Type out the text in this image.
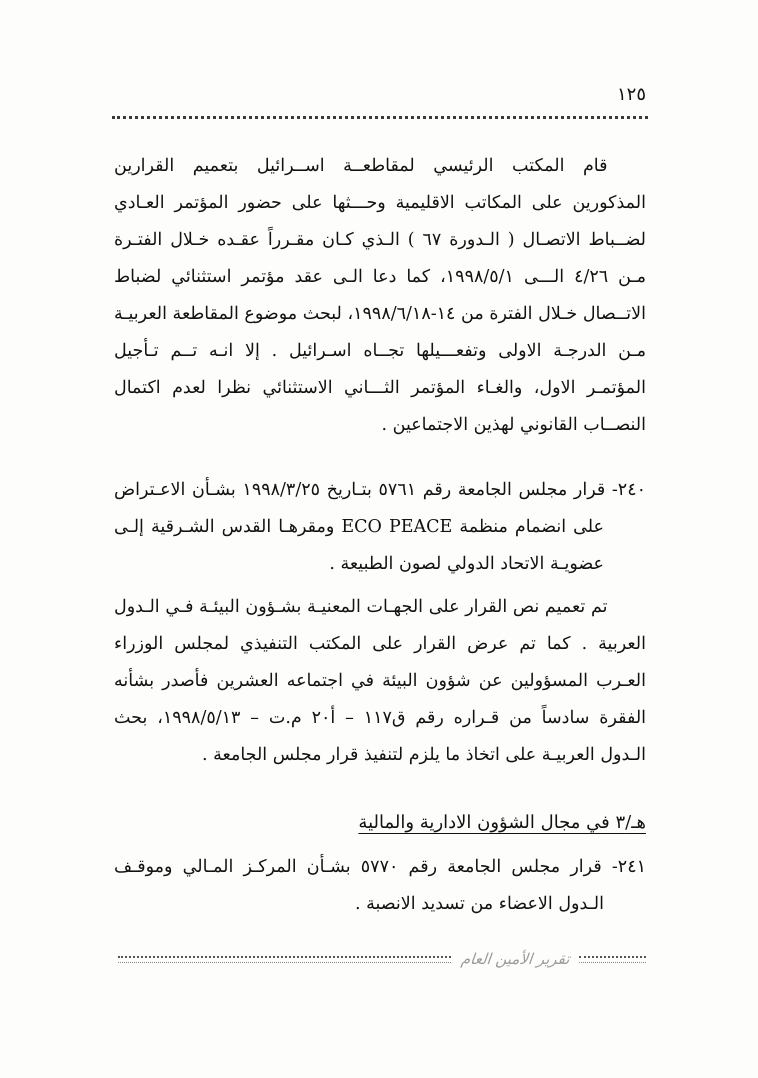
١٢٥

قام المكتب الرئيسي لمقاطعــة اســرائيل بتعميم القرارين المذكورين على المكاتب الاقليمية وحـــثها على حضور المؤتمر العـادي لضــباط الاتصـال ( الـدورة ٦٧ ) الـذي كـان مقـرراً عقـده خـلال الفتـرة مـن ٤/٢٦ الـــى ١٩٩٨/٥/١، كما دعا الـى عقد مؤتمر استثنائي لضباط الاتــصال خـلال الفترة من ١٤-١٩٩٨/٦/١٨، لبحث موضوع المقاطعة العربيـة مـن الدرجـة الاولى وتفعـــيلها تجــاه اسـرائيل . إلا انـه تــم تـأجيل المؤتمـر الاول، والغـاء المؤتمر الثـــاني الاستثنائي نظرا لعدم اكتمال النصــاب القانوني لهذين الاجتماعين .

٢٤٠- قرار مجلس الجامعة رقم ٥٧٦١ بتـاريخ ١٩٩٨/٣/٢٥ بشـأن الاعـتراض على انضمام منظمة ECO PEACE ومقرهـا القدس الشـرقية إلـى عضويـة الاتحاد الدولي لصون الطبيعة .

تم تعميم نص القرار على الجهـات المعنيـة بشـؤون البيئـة فـي الـدول العربية . كما تم عرض القرار على المكتب التنفيذي لمجلس الوزراء العـرب المسؤولين عن شؤون البيئة في اجتماعه العشرين فأصدر بشأنه الفقرة سادساً من قـراره رقم ق١١٧ – أ٢٠ م.ت – ١٩٩٨/٥/١٣، بحث الـدول العربيـة على اتخاذ ما يلزم لتنفيذ قرار مجلس الجامعة .

هـ/٣ في مجال الشؤون الادارية والمالية

٢٤١- قرار مجلس الجامعة رقم ٥٧٧٠ بشـأن المركـز المـالي وموقـف الـدول الاعضاء من تسديد الانصبة .

تقرير الأمين العام
